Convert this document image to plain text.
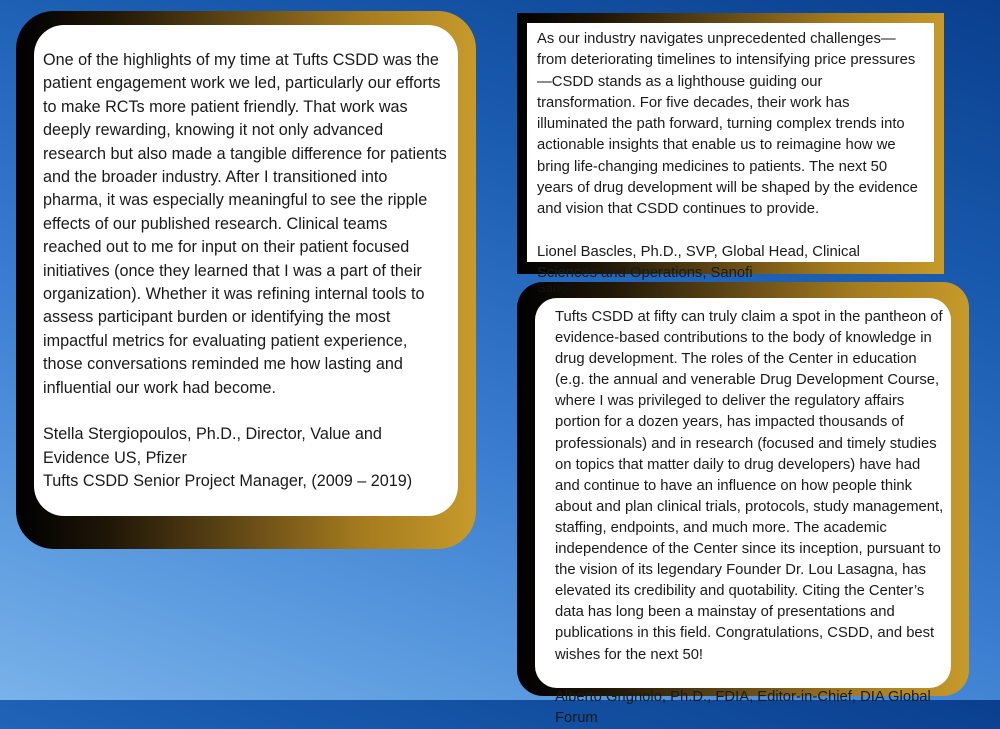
One of the highlights of my time at Tufts CSDD was the patient engagement work we led, particularly our efforts to make RCTs more patient friendly. That work was deeply rewarding, knowing it not only advanced research but also made a tangible difference for patients and the broader industry. After I transitioned into pharma, it was especially meaningful to see the ripple effects of our published research. Clinical teams reached out to me for input on their patient focused initiatives (once they learned that I was a part of their organization). Whether it was refining internal tools to assess participant burden or identifying the most impactful metrics for evaluating patient experience, those conversations reminded me how lasting and influential our work had become.

Stella Stergiopoulos, Ph.D., Director, Value and Evidence US, Pfizer

Tufts CSDD Senior Project Manager, (2009 – 2019)

As our industry navigates unprecedented challenges—from deteriorating timelines to intensifying price pressures—CSDD stands as a lighthouse guiding our transformation. For five decades, their work has illuminated the path forward, turning complex trends into actionable insights that enable us to reimagine how we bring life-changing medicines to patients. The next 50 years of drug development will be shaped by the evidence and vision that CSDD continues to provide.

Lionel Bascles, Ph.D., SVP, Global Head, Clinical Sciences and Operations, Sanofi

Sanofi

Tufts CSDD at fifty can truly claim a spot in the pantheon of evidence-based contributions to the body of knowledge in drug development. The roles of the Center in education (e.g. the annual and venerable Drug Development Course, where I was privileged to deliver the regulatory affairs portion for a dozen years, has impacted thousands of professionals) and in research (focused and timely studies on topics that matter daily to drug developers) have had and continue to have an influence on how people think about and plan clinical trials, protocols, study management, staffing, endpoints, and much more. The academic independence of the Center since its inception, pursuant to the vision of its legendary Founder Dr. Lou Lasagna, has elevated its credibility and quotability. Citing the Center’s data has long been a mainstay of presentations and publications in this field. Congratulations, CSDD, and best wishes for the next 50!

Alberto Grignolo, Ph.D., FDIA, Editor-in-Chief, DIA Global Forum
